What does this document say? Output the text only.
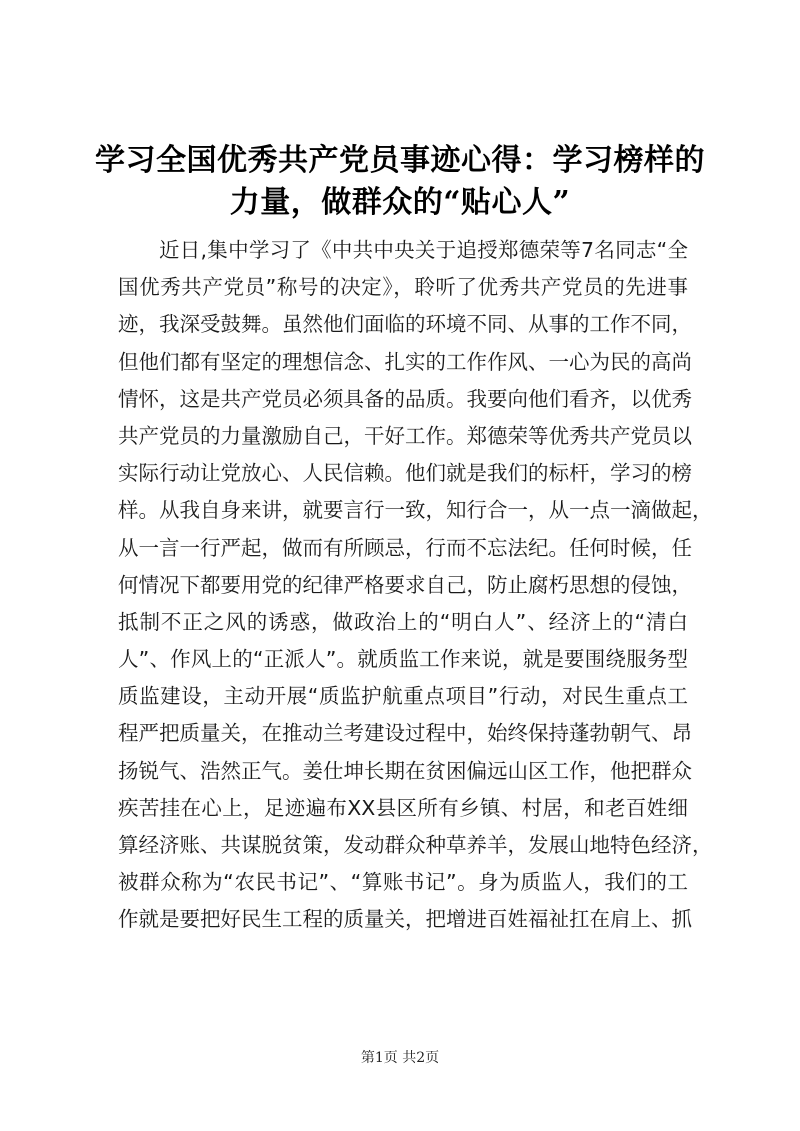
学习全国优秀共产党员事迹心得：学习榜样的
力量，做群众的“贴心人”
近日,集中学习了《中共中央关于追授郑德荣等7名同志“全
国优秀共产党员”称号的决定》，聆听了优秀共产党员的先进事
迹，我深受鼓舞。虽然他们面临的环境不同、从事的工作不同，
但他们都有坚定的理想信念、扎实的工作作风、一心为民的高尚
情怀，这是共产党员必须具备的品质。我要向他们看齐，以优秀
共产党员的力量激励自己，干好工作。郑德荣等优秀共产党员以
实际行动让党放心、人民信赖。他们就是我们的标杆，学习的榜
样。从我自身来讲，就要言行一致，知行合一，从一点一滴做起，
从一言一行严起，做而有所顾忌，行而不忘法纪。任何时候，任
何情况下都要用党的纪律严格要求自己，防止腐朽思想的侵蚀，
抵制不正之风的诱惑，做政治上的“明白人”、经济上的“清白
人”、作风上的“正派人”。就质监工作来说，就是要围绕服务型
质监建设，主动开展“质监护航重点项目”行动，对民生重点工
程严把质量关，在推动兰考建设过程中，始终保持蓬勃朝气、昂
扬锐气、浩然正气。姜仕坤长期在贫困偏远山区工作，他把群众
疾苦挂在心上，足迹遍布XX县区所有乡镇、村居，和老百姓细
算经济账、共谋脱贫策，发动群众种草养羊，发展山地特色经济，
被群众称为“农民书记”、“算账书记”。身为质监人，我们的工
作就是要把好民生工程的质量关，把增进百姓福祉扛在肩上、抓
第1页 共2页
